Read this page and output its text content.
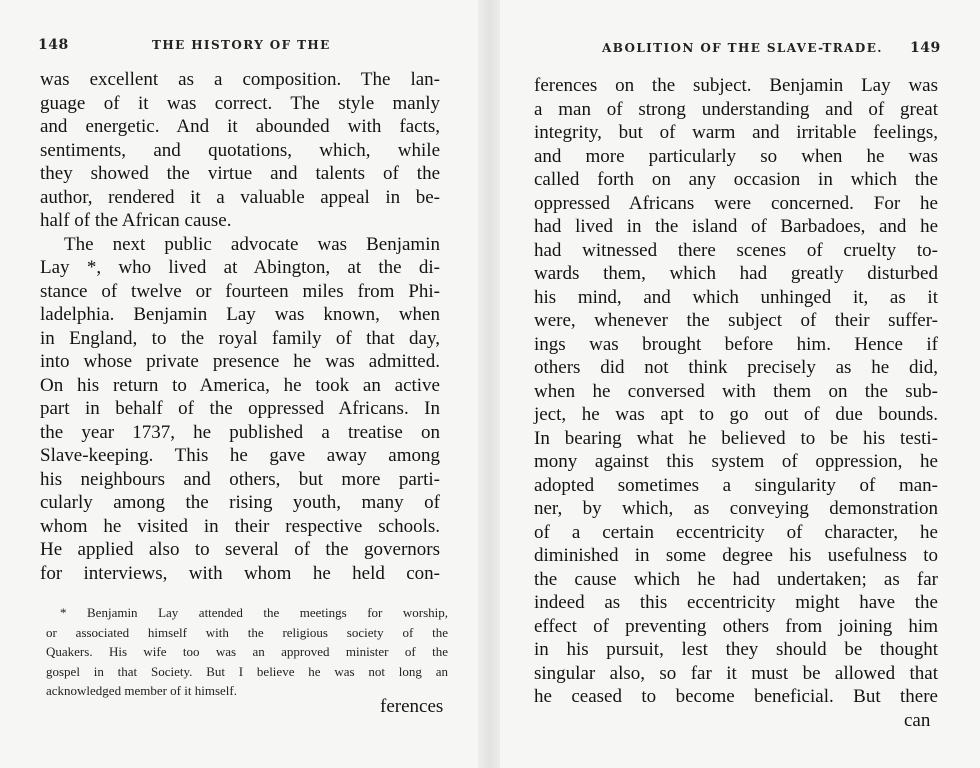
148	THE HISTORY OF THE	ABOLITION OF THE SLAVE-TRADE. 149
was excellent as a composition. The lan-
guage of it was correct. The style manly
and energetic. And it abounded with facts,
sentiments, and quotations, which, while
they showed the virtue and talents of the
author, rendered it a valuable appeal in be-
half of the African cause.
The next public advocate was Benjamin
Lay *, who lived at Abington, at the di-
stance of twelve or fourteen miles from Phi-
ladelphia. Benjamin Lay was known, when
in England, to the royal family of that day,
into whose private presence he was admitted.
On his return to America, he took an active
part in behalf of the oppressed Africans. In
the year 1737, he published a treatise on
Slave-keeping. This he gave away among
his neighbours and others, but more parti-
cularly among the rising youth, many of
whom he visited in their respective schools.
He applied also to several of the governors
for interviews, with whom he held con-
* Benjamin Lay attended the meetings for worship,
or associated himself with the religious society of the
Quakers. His wife too was an approved minister of the
gospel in that Society. But I believe he was not long an
acknowledged member of it himself.
ferences
ferences on the subject. Benjamin Lay was
a man of strong understanding and of great
integrity, but of warm and irritable feelings,
and more particularly so when he was
called forth on any occasion in which the
oppressed Africans were concerned. For he
had lived in the island of Barbadoes, and he
had witnessed there scenes of cruelty to-
wards them, which had greatly disturbed
his mind, and which unhinged it, as it
were, whenever the subject of their suffer-
ings was brought before him. Hence if
others did not think precisely as he did,
when he conversed with them on the sub-
ject, he was apt to go out of due bounds.
In bearing what he believed to be his testi-
mony against this system of oppression, he
adopted sometimes a singularity of man-
ner, by which, as conveying demonstration
of a certain eccentricity of character, he
diminished in some degree his usefulness to
the cause which he had undertaken; as far
indeed as this eccentricity might have the
effect of preventing others from joining him
in his pursuit, lest they should be thought
singular also, so far it must be allowed that
he ceased to become beneficial. But there
can
